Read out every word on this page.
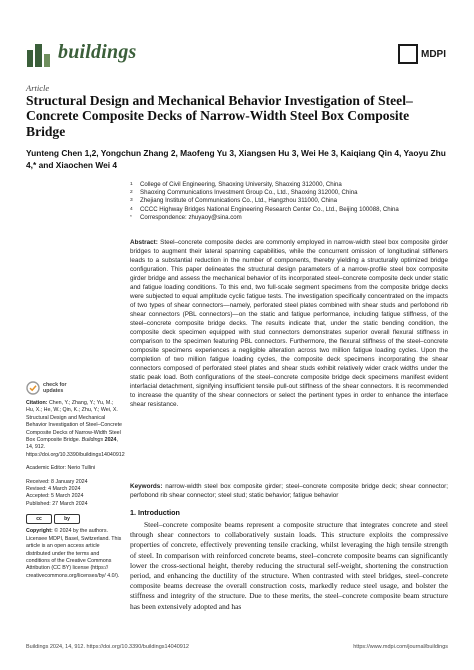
buildings	MDPI
Article
Structural Design and Mechanical Behavior Investigation of Steel–Concrete Composite Decks of Narrow-Width Steel Box Composite Bridge
Yunteng Chen 1,2, Yongchun Zhang 2, Maofeng Yu 3, Xiangsen Hu 3, Wei He 3, Kaiqiang Qin 4, Yaoyu Zhu 4,* and Xiaochen Wei 4
1	College of Civil Engineering, Shaoxing University, Shaoxing 312000, China
2	Shaoxing Communications Investment Group Co., Ltd., Shaoxing 312000, China
3	Zhejiang Institute of Communications Co., Ltd., Hangzhou 311000, China
4	CCCC Highway Bridges National Engineering Research Center Co., Ltd., Beijing 100088, China
*	Correspondence: zhuyaoy@sina.com
Abstract: Steel–concrete composite decks are commonly employed in narrow-width steel box composite girder bridges to augment their lateral spanning capabilities, while the concurrent omission of longitudinal stiffeners leads to a substantial reduction in the number of components, thereby yielding a structurally optimized bridge configuration. This paper delineates the structural design parameters of a narrow-profile steel box composite girder bridge and assess the mechanical behavior of its incorporated steel–concrete composite deck under static and fatigue loading conditions. To this end, two full-scale segment specimens from the composite bridge decks were subjected to equal amplitude cyclic fatigue tests. The investigation specifically concentrated on the impacts of two types of shear connectors—namely, perforated steel plates combined with shear studs and perfobond rib shear connectors (PBL connectors)—on the static and fatigue performance, including fatigue stiffness, of the steel–concrete composite bridge decks. The results indicate that, under the static bending condition, the composite deck specimen equipped with stud connectors demonstrates superior overall flexural stiffness in comparison to the specimen featuring PBL connectors. Furthermore, the flexural stiffness of the steel–concrete composite specimens experiences a negligible alteration across two million fatigue loading cycles. Upon the completion of two million fatigue loading cycles, the composite deck specimens incorporating the shear connectors composed of perforated steel plates and shear studs exhibit relatively wider crack widths under the static peak load. Both configurations of the steel–concrete composite bridge deck specimens manifest evident interfacial detachment, signifying insufficient tensile pull-out stiffness of the shear connectors. It is recommended to increase the quantity of the shear connectors or select the pertinent types in order to enhance the interface shear resistance.
Keywords: narrow-width steel box composite girder; steel–concrete composite bridge deck; shear connector; perfobond rib shear connector; steel stud; static behavior; fatigue behavior
check for
updates
Citation: Chen, Y.; Zhang, Y.; Yu, M.; Hu, X.; He, W.; Qin, K.; Zhu, Y.; Wei, X. Structural Design and Mechanical Behavior Investigation of Steel–Concrete Composite Decks of Narrow-Width Steel Box Composite Bridge. Buildings 2024, 14, 912. https://doi.org/10.3390/buildings14040912
Academic Editor: Nerio Tullini
Received: 8 January 2024
Revised: 4 March 2024
Accepted: 5 March 2024
Published: 27 March 2024
cc	by
Copyright: © 2024 by the authors. Licensee MDPI, Basel, Switzerland. This article is an open access article distributed under the terms and conditions of the Creative Commons Attribution (CC BY) license (https:// creativecommons.org/licenses/by/ 4.0/).
1. Introduction
Steel–concrete composite beams represent a composite structure that integrates concrete and steel through shear connectors to collaboratively sustain loads. This structure exploits the compressive properties of concrete, effectively preventing tensile cracking, whilst leveraging the high tensile strength of steel. In comparison with reinforced concrete beams, steel–concrete composite beams can significantly lower the cross-sectional height, thereby reducing the structural self-weight, shortening the construction period, and enhancing the ductility of the structure. When contrasted with steel bridges, steel–concrete composite beams decrease the overall construction costs, markedly reduce steel usage, and bolster the stiffness and integrity of the structure. Due to these merits, the steel–concrete composite beam structure has been extensively adopted and has
Buildings 2024, 14, 912. https://doi.org/10.3390/buildings14040912	https://www.mdpi.com/journal/buildings
